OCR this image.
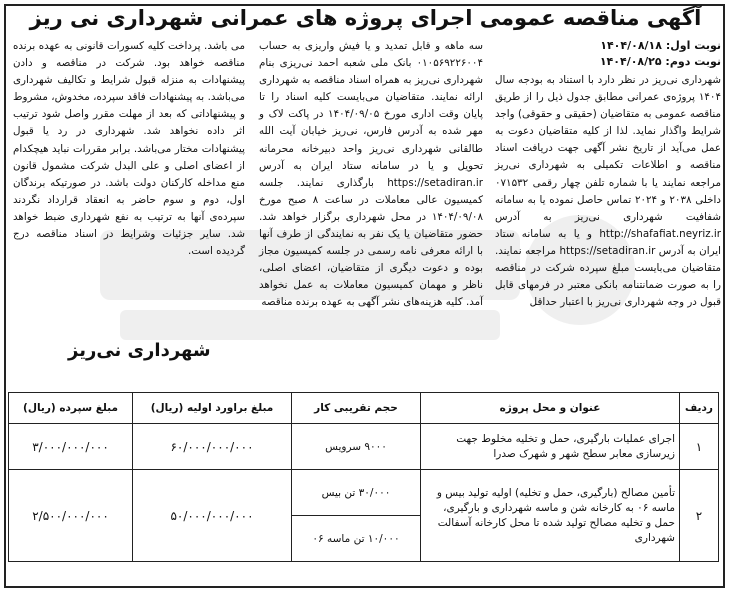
آگهی مناقصه عمومی اجرای پروژه های عمرانی شهرداری نی ریز
نوبت اول: ۱۴۰۴/۰۸/۱۸
نوبت دوم: ۱۴۰۴/۰۸/۲۵

شهرداری نی‌ریز در نظر دارد با استناد به بودجه سال ۱۴۰۴ پروژه‌ی عمرانی مطابق جدول ذیل را از طریق مناقصه عمومی به متقاضیان (حقیقی و حقوقی) واجد شرایط واگذار نماید. لذا از کلیه متقاضیان دعوت به عمل می‌آید از تاریخ نشر آگهی جهت دریافت اسناد مناقصه و اطلاعات تکمیلی به شهرداری نی‌ریز مراجعه نمایند یا با شماره تلفن چهار رقمی ۰۷۱۵۳۲ داخلی ۲۰۳۸ و ۲۰۲۴ تماس حاصل نموده یا به سامانه شفافیت شهرداری نی‌ریز به آدرس http://shafafiat.neyriz.ir و یا به سامانه ستاد ایران به آدرس https://setadiran.ir مراجعه نمایند. متقاضیان می‌بایست مبلغ سپرده شرکت در مناقصه را به صورت ضمانتنامه بانکی معتبر در فرمهای قابل قبول در وجه شهرداری نی‌ریز با اعتبار حداقل

سه ماهه و قابل تمدید و یا فیش واریزی به حساب ۰۱۰۵۶۹۲۲۶۰۰۴ بانک ملی شعبه احمد نی‌ریزی بنام شهرداری نی‌ریز به همراه اسناد مناقصه به شهرداری ارائه نمایند. متقاضیان می‌بایست کلیه اسناد را تا پایان وقت اداری مورخ ۱۴۰۴/۰۹/۰۵ در پاکت لاک و مهر شده به آدرس فارس، نی‌ریز خیابان آیت الله طالقانی شهرداری نی‌ریز واحد دبیرخانه محرمانه تحویل و یا در سامانه ستاد ایران به آدرس https://setadiran.ir بارگذاری نمایند. جلسه کمیسیون عالی معاملات در ساعت ۸ صبح مورخ ۱۴۰۴/۰۹/۰۸ در محل شهرداری برگزار خواهد شد. حضور متقاضیان یا یک نفر به نمایندگی از طرف آنها با ارائه معرفی نامه رسمی در جلسه کمیسیون مجاز بوده و دعوت دیگری از متقاضیان، اعضای اصلی، ناظر و مهمان کمیسیون معاملات به عمل نخواهد آمد. کلیه هزینه‌های نشر آگهی به عهده برنده مناقصه

می باشد. پرداخت کلیه کسورات قانونی به عهده برنده مناقصه خواهد بود. شرکت در مناقصه و دادن پیشنهادات به منزله قبول شرایط و تکالیف شهرداری می‌باشد. به پیشنهادات فاقد سپرده، مخدوش، مشروط و پیشنهاداتی که بعد از مهلت مقرر واصل شود ترتیب اثر داده نخواهد شد. شهرداری در رد یا قبول پیشنهادات مختار می‌باشد. برابر مقررات نباید هیچکدام از اعضای اصلی و علی البدل شرکت مشمول قانون منع مداخله کارکنان دولت باشد. در صورتیکه برندگان اول، دوم و سوم حاضر به انعقاد قرارداد نگردند سپرده‌ی آنها به ترتیب به نفع شهرداری ضبط خواهد شد. سایر جزئیات وشرایط در اسناد مناقصه درج گردیده است.

شهرداری نی‌ریز
ردیف	عنوان و محل پروژه	حجم تقریبی کار	مبلغ براورد اولیه (ریال)	مبلغ سپرده (ریال)
۱	اجرای عملیات بارگیری، حمل و تخلیه مخلوط جهت زیرسازی معابر سطح شهر و شهرک صدرا	۹۰۰۰ سرویس	۶۰/۰۰۰/۰۰۰/۰۰۰	۳/۰۰۰/۰۰۰/۰۰۰
۲	تأمین مصالح (بارگیری، حمل و تخلیه) اولیه تولید بیس و ماسه ۰۶ به کارخانه شن و ماسه شهرداری و بارگیری، حمل و تخلیه مصالح تولید شده تا محل کارخانه آسفالت شهرداری	۳۰/۰۰۰ تن بیس	۵۰/۰۰۰/۰۰۰/۰۰۰	۲/۵۰۰/۰۰۰/۰۰۰
		۱۰/۰۰۰ تن ماسه ۰۶		
